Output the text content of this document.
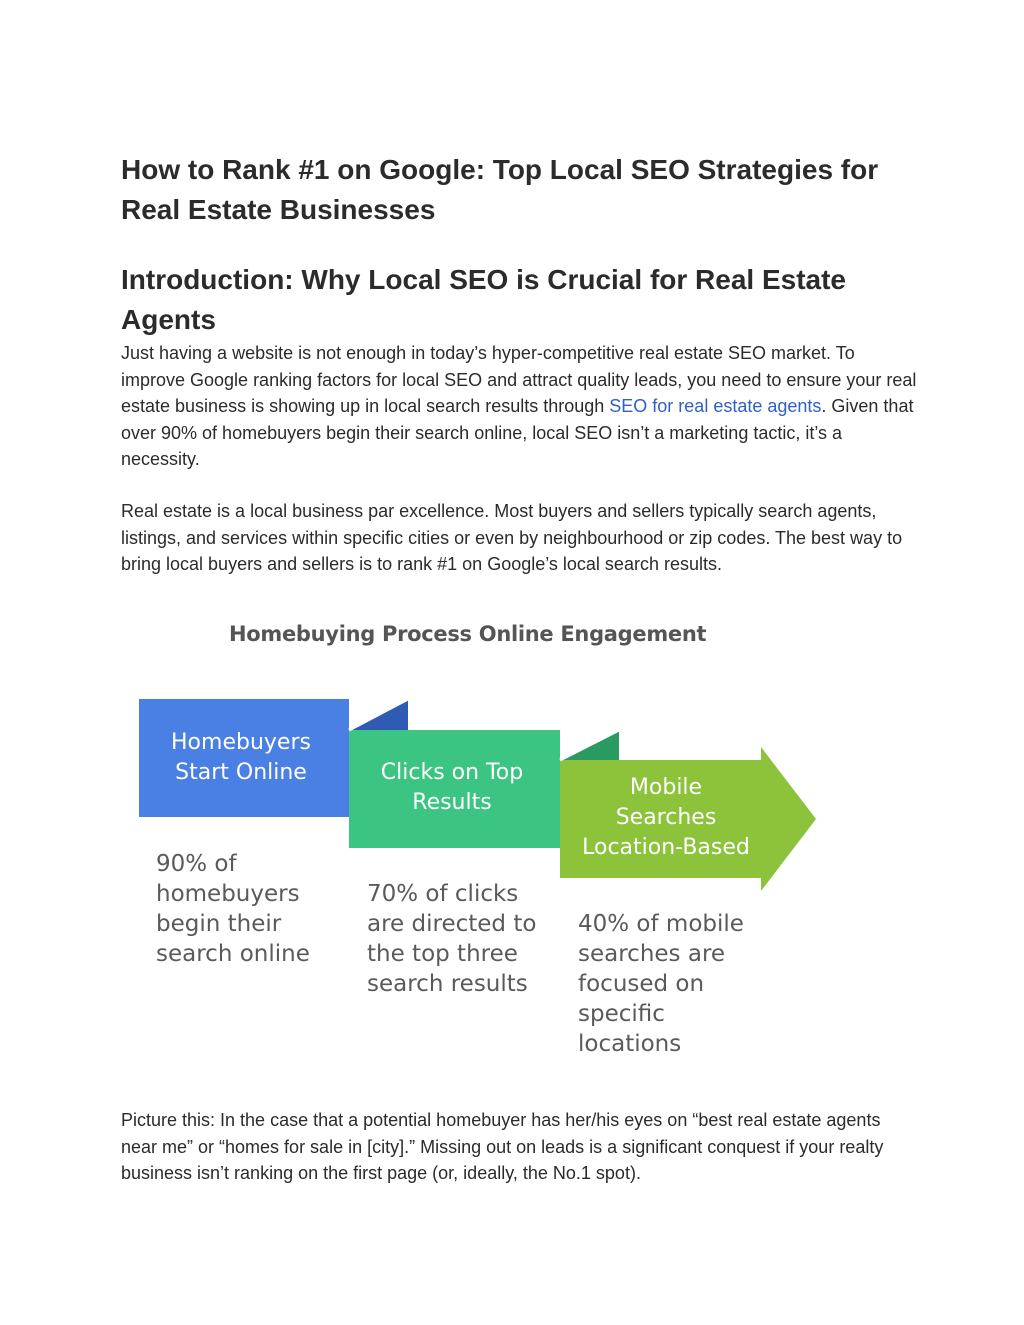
How to Rank #1 on Google: Top Local SEO Strategies for Real Estate Businesses
Introduction: Why Local SEO is Crucial for Real Estate Agents

Just having a website is not enough in today’s hyper-competitive real estate SEO market. To improve Google ranking factors for local SEO and attract quality leads, you need to ensure your real estate business is showing up in local search results through SEO for real estate agents. Given that over 90% of homebuyers begin their search online, local SEO isn’t a marketing tactic, it’s a necessity.

Real estate is a local business par excellence. Most buyers and sellers typically search agents, listings, and services within specific cities or even by neighbourhood or zip codes. The best way to bring local buyers and sellers is to rank #1 on Google’s local search results.

Homebuying Process Online Engagement

Homebuyers
Start Online	Clicks on Top
Results
Mobile
Searches
Location-Based
90% of
homebuyers
begin their
search online
70% of clicks
are directed to
the top three
search results
40% of mobile
searches are
focused on
specific
locations

Picture this: In the case that a potential homebuyer has her/his eyes on “best real estate agents near me” or “homes for sale in [city].” Missing out on leads is a significant conquest if your realty business isn’t ranking on the first page (or, ideally, the No.1 spot).
